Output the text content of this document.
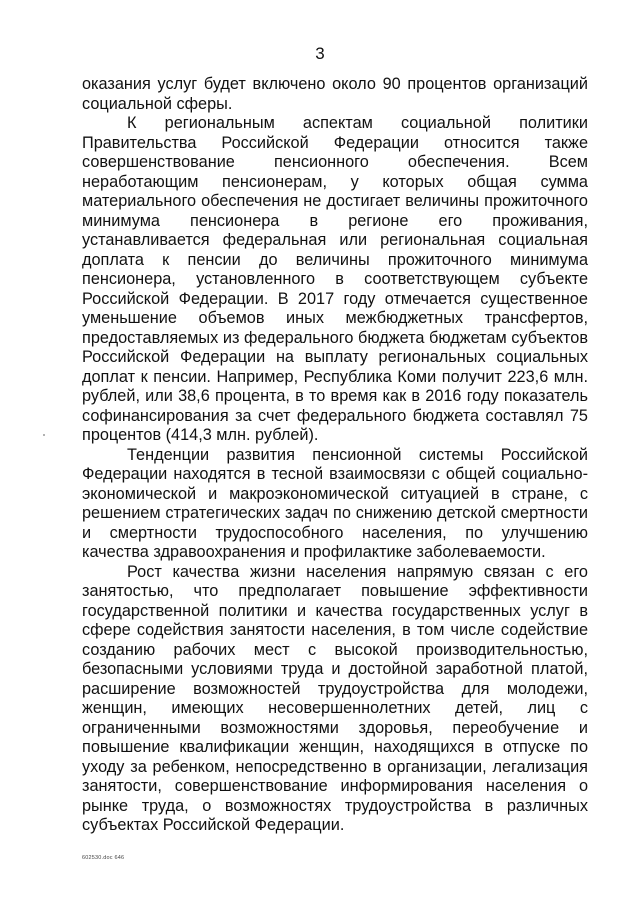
3

оказания услуг будет включено около 90 процентов организаций социальной сферы.

К региональным аспектам социальной политики Правительства Российской Федерации относится также совершенствование пенсионного обеспечения. Всем неработающим пенсионерам, у которых общая сумма материального обеспечения не достигает величины прожиточного минимума пенсионера в регионе его проживания, устанавливается федеральная или региональная социальная доплата к пенсии до величины прожиточного минимума пенсионера, установленного в соответствующем субъекте Российской Федерации. В 2017 году отмечается существенное уменьшение объемов иных межбюджетных трансфертов, предоставляемых из федерального бюджета бюджетам субъектов Российской Федерации на выплату региональных социальных доплат к пенсии. Например, Республика Коми получит 223,6 млн. рублей, или 38,6 процента, в то время как в 2016 году показатель софинансирования за счет федерального бюджета составлял 75 процентов (414,3 млн. рублей).

Тенденции развития пенсионной системы Российской Федерации находятся в тесной взаимосвязи с общей социально-экономической и макроэкономической ситуацией в стране, с решением стратегических задач по снижению детской смертности и смертности трудоспособного населения, по улучшению качества здравоохранения и профилактике заболеваемости.

Рост качества жизни населения напрямую связан с его занятостью, что предполагает повышение эффективности государственной политики и качества государственных услуг в сфере содействия занятости населения, в том числе содействие созданию рабочих мест с высокой производительностью, безопасными условиями труда и достойной заработной платой, расширение возможностей трудоустройства для молодежи, женщин, имеющих несовершеннолетних детей, лиц с ограниченными возможностями здоровья, переобучение и повышение квалификации женщин, находящихся в отпуске по уходу за ребенком, непосредственно в организации, легализация занятости, совершенствование информирования населения о рынке труда, о возможностях трудоустройства в различных субъектах Российской Федерации.

602530.doc 646
